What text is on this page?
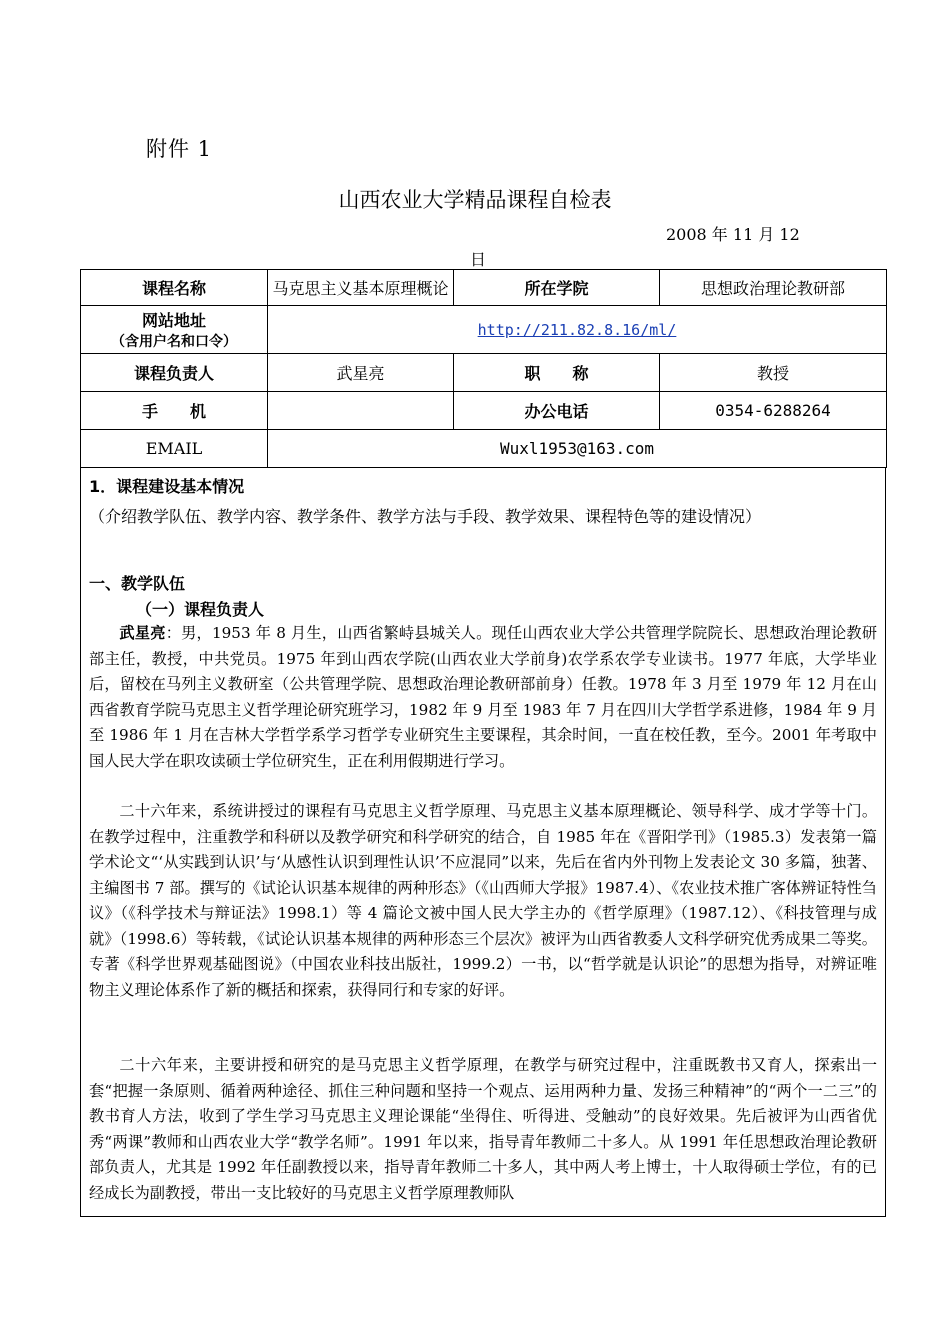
附件 1
山西农业大学精品课程自检表
2008 年 11 月 12
日
课程名称	马克思主义基本原理概论	所在学院	思想政治理论教研部

网站地址
（含用户名和口令）	http://211.82.8.16/ml/		
课程负责人	武星亮	职　　称	教授
手　　机		办公电话	0354-6288264
EMAIL	Wuxl1953@163.com		
1．课程建设基本情况
（介绍教学队伍、教学内容、教学条件、教学方法与手段、教学效果、课程特色等的建设情况）
一、教学队伍
（一）课程负责人
武星亮：男，1953 年 8 月生，山西省繁峙县城关人。现任山西农业大学公共管理学院院长、思想政治理论教研部主任，教授，中共党员。1975 年到山西农学院(山西农业大学前身)农学系农学专业读书。1977 年底，大学毕业后，留校在马列主义教研室（公共管理学院、思想政治理论教研部前身）任教。1978 年 3 月至 1979 年 12 月在山西省教育学院马克思主义哲学理论研究班学习，1982 年 9 月至 1983 年 7 月在四川大学哲学系进修，1984 年 9 月至 1986 年 1 月在吉林大学哲学系学习哲学专业研究生主要课程，其余时间，一直在校任教，至今。2001 年考取中国人民大学在职攻读硕士学位研究生，正在利用假期进行学习。
二十六年来，系统讲授过的课程有马克思主义哲学原理、马克思主义基本原理概论、领导科学、成才学等十门。在教学过程中，注重教学和科研以及教学研究和科学研究的结合，自 1985 年在《晋阳学刊》（1985.3）发表第一篇学术论文“‘从实践到认识’与‘从感性认识到理性认识’不应混同”以来，先后在省内外刊物上发表论文 30 多篇，独著、主编图书 7 部。撰写的《试论认识基本规律的两种形态》（《山西师大学报》1987.4）、《农业技术推广客体辨证特性刍议》（《科学技术与辩证法》1998.1）等 4 篇论文被中国人民大学主办的《哲学原理》（1987.12）、《科技管理与成就》（1998.6）等转载，《试论认识基本规律的两种形态三个层次》被评为山西省教委人文科学研究优秀成果二等奖。专著《科学世界观基础图说》（中国农业科技出版社，1999.2）一书，以“哲学就是认识论”的思想为指导，对辨证唯物主义理论体系作了新的概括和探索，获得同行和专家的好评。
二十六年来，主要讲授和研究的是马克思主义哲学原理，在教学与研究过程中，注重既教书又育人，探索出一套“把握一条原则、循着两种途径、抓住三种问题和坚持一个观点、运用两种力量、发扬三种精神”的“两个一二三”的教书育人方法，收到了学生学习马克思主义理论课能“坐得住、听得进、受触动”的良好效果。先后被评为山西省优秀“两课”教师和山西农业大学“教学名师”。1991 年以来，指导青年教师二十多人。从 1991 年任思想政治理论教研部负责人，尤其是 1992 年任副教授以来，指导青年教师二十多人，其中两人考上博士，十人取得硕士学位，有的已经成长为副教授，带出一支比较好的马克思主义哲学原理教师队
